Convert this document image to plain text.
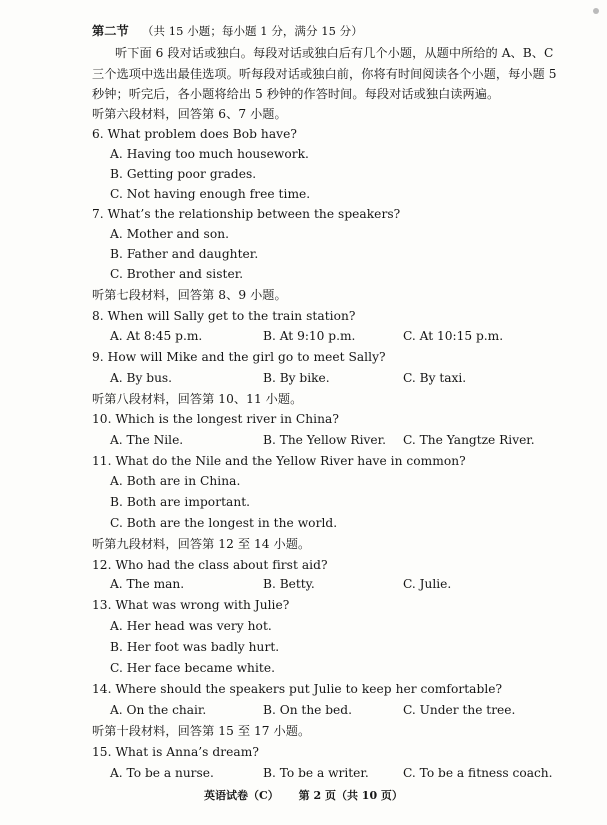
第二节 （共 15 小题；每小题 1 分，满分 15 分）
听下面 6 段对话或独白。每段对话或独白后有几个小题，从题中所给的 A、B、C
三个选项中选出最佳选项。听每段对话或独白前，你将有时间阅读各个小题，每小题 5
秒钟；听完后，各小题将给出 5 秒钟的作答时间。每段对话或独白读两遍。
听第六段材料，回答第 6、7 小题。
6. What problem does Bob have?
A. Having too much housework.
B. Getting poor grades.
C. Not having enough free time.
7. What’s the relationship between the speakers?
A. Mother and son.
B. Father and daughter.
C. Brother and sister.
听第七段材料，回答第 8、9 小题。
8. When will Sally get to the train station?
A. At 8:45 p.m.	B. At 9:10 p.m.	C. At 10:15 p.m.
9. How will Mike and the girl go to meet Sally?
A. By bus.	B. By bike.	C. By taxi.
听第八段材料，回答第 10、11 小题。
10. Which is the longest river in China?
A. The Nile.	B. The Yellow River. C. The Yangtze River.
11. What do the Nile and the Yellow River have in common?
A. Both are in China.
B. Both are important.
C. Both are the longest in the world.
听第九段材料，回答第 12 至 14 小题。
12. Who had the class about first aid?
A. The man.	B. Betty.	C. Julie.
13. What was wrong with Julie?
A. Her head was very hot.
B. Her foot was badly hurt.
C. Her face became white.
14. Where should the speakers put Julie to keep her comfortable?
A. On the chair.	B. On the bed.	C. Under the tree.
听第十段材料，回答第 15 至 17 小题。
15. What is Anna’s dream?
A. To be a nurse.	B. To be a writer.	C. To be a fitness coach.
英语试卷（C） 第 2 页（共 10 页）
